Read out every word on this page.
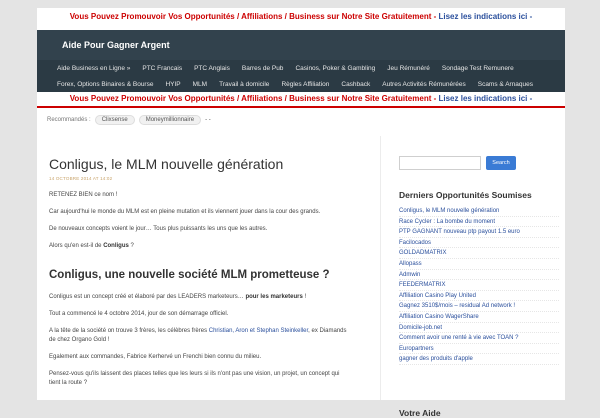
Vous Pouvez Promouvoir Vos Opportunités / Affiliations / Business sur Notre Site Gratuitement - Lisez les indications ici -
Aide Pour Gagner Argent
Aide Business en Ligne »	PTC Francais	PTC Anglais	Barres de Pub	Casinos, Poker & Gambling	Jeu Rémunéré	Sondage Test Remunere
Forex, Options Binaires & Bourse	HYIP	MLM	Travail à domicile	Règles Affiliation	Cashback	Autres Activités Rémunérées	Scams & Arnaques
Vous Pouvez Promouvoir Vos Opportunités / Affiliations / Business sur Notre Site Gratuitement - Lisez les indications ici -
Recommandés :	Clixsense	Moneymillionnaire	- -
Conligus, le MLM nouvelle génération
14 OCTOBRE 2014 AT 14:02
RETENEZ BIEN ce nom !
Car aujourd'hui le monde du MLM est en pleine mutation et ils viennent jouer dans la cour des grands.
De nouveaux concepts voient le jour… Tous plus puissants les uns que les autres.
Alors qu'en est-il de Conligus ?
Conligus, une nouvelle société MLM prometteuse ?
Conligus est un concept créé et élaboré par des LEADERS marketeurs… pour les marketeurs !
Tout a commencé le 4 octobre 2014, jour de son démarrage officiel.
A la tête de la société on trouve 3 frères, les célèbres frères Christian, Aron et Stephan Steinkeller, ex Diamands de chez Organo Gold !
Egalement aux commandes, Fabrice Kerhervé un Frenchi bien connu du milieu.
Pensez-vous qu'ils laissent des places telles que les leurs si ils n'ont pas une vision, un projet, un concept qui tient la route ?
Search
Derniers Opportunités Soumises
Conligus, le MLM nouvelle génération
Race Cycler : La bombe du moment
PTP GAGNANT nouveau ptp payout 1.5 euro
Facilocados
GOLDADMATRIX
Allopass
Admwin
FEEDERMATRIX
Affiliation Casino Play United
Gagnez 3510$/mois – residual Ad network !
Affiliation Casino WagerShare
Domicile-job.net
Comment avoir une renté à vie avec TOAN ?
Europartners
gagner des produits d'apple
Votre Aide
